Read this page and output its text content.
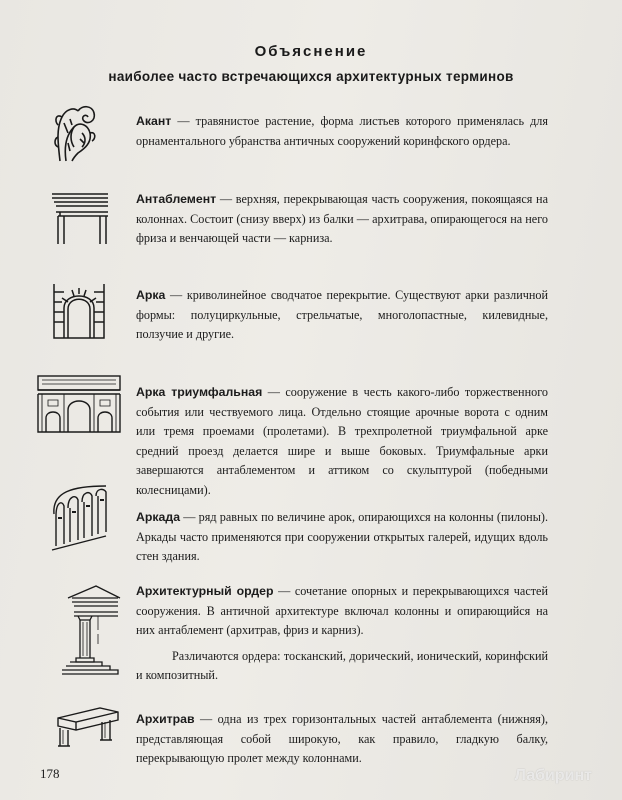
Объяснение
наиболее часто встречающихся архитектурных терминов
Акант — травянистое растение, форма листьев которого применялась для орнаментального убранства античных сооружений коринфского ордера.
Антаблемент — верхняя, перекрывающая часть сооружения, покоящаяся на колоннах. Состоит (снизу вверх) из балки — архитрава, опирающегося на него фриза и венчающей части — карниза.
Арка — криволинейное сводчатое перекрытие. Существуют арки различной формы: полуциркульные, стрельчатые, многолопастные, килевидные, ползучие и другие.
Арка триумфальная — сооружение в честь какого-либо торжественного события или чествуемого лица. Отдельно стоящие арочные ворота с одним или тремя проемами (пролетами). В трехпролетной триумфальной арке средний проезд делается шире и выше боковых. Триумфальные арки завершаются антаблементом и аттиком со скульптурой (победными колесницами).
Аркада — ряд равных по величине арок, опирающихся на колонны (пилоны). Аркады часто применяются при сооружении открытых галерей, идущих вдоль стен здания.
Архитектурный ордер — сочетание опорных и перекрывающихся частей сооружения. В античной архитектуре включал колонны и опирающийся на них антаблемент (архитрав, фриз и карниз).
Различаются ордера: тосканский, дорический, ионический, коринфский и композитный.
Архитрав — одна из трех горизонтальных частей антаблемента (нижняя), представляющая собой широкую, как правило, гладкую балку, перекрывающую пролет между колоннами.
178	Лабиринт
